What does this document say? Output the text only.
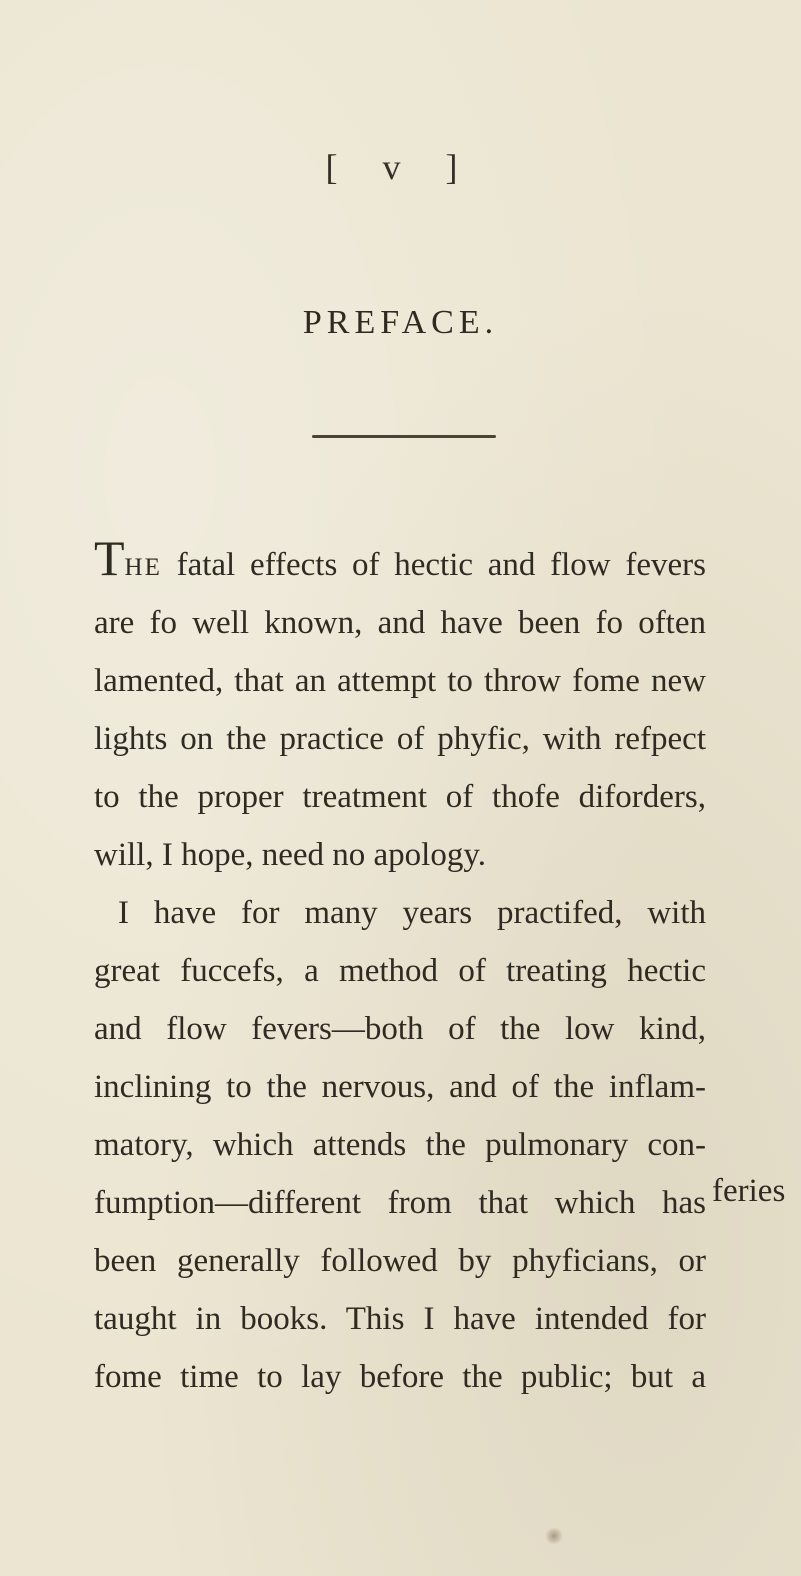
[ v ]
PREFACE.
THE fatal effects of hectic and flow fevers
are fo well known, and have been fo often
lamented, that an attempt to throw fome new
lights on the practice of phyfic, with refpect
to the proper treatment of thofe diforders,
will, I hope, need no apology.
I have for many years practifed, with
great fuccefs, a method of treating hectic
and flow fevers—both of the low kind,
inclining to the nervous, and of the inflam-
matory, which attends the pulmonary con-
fumption—different from that which has
been generally followed by phyficians, or
taught in books. This I have intended for
fome time to lay before the public; but a
feries
